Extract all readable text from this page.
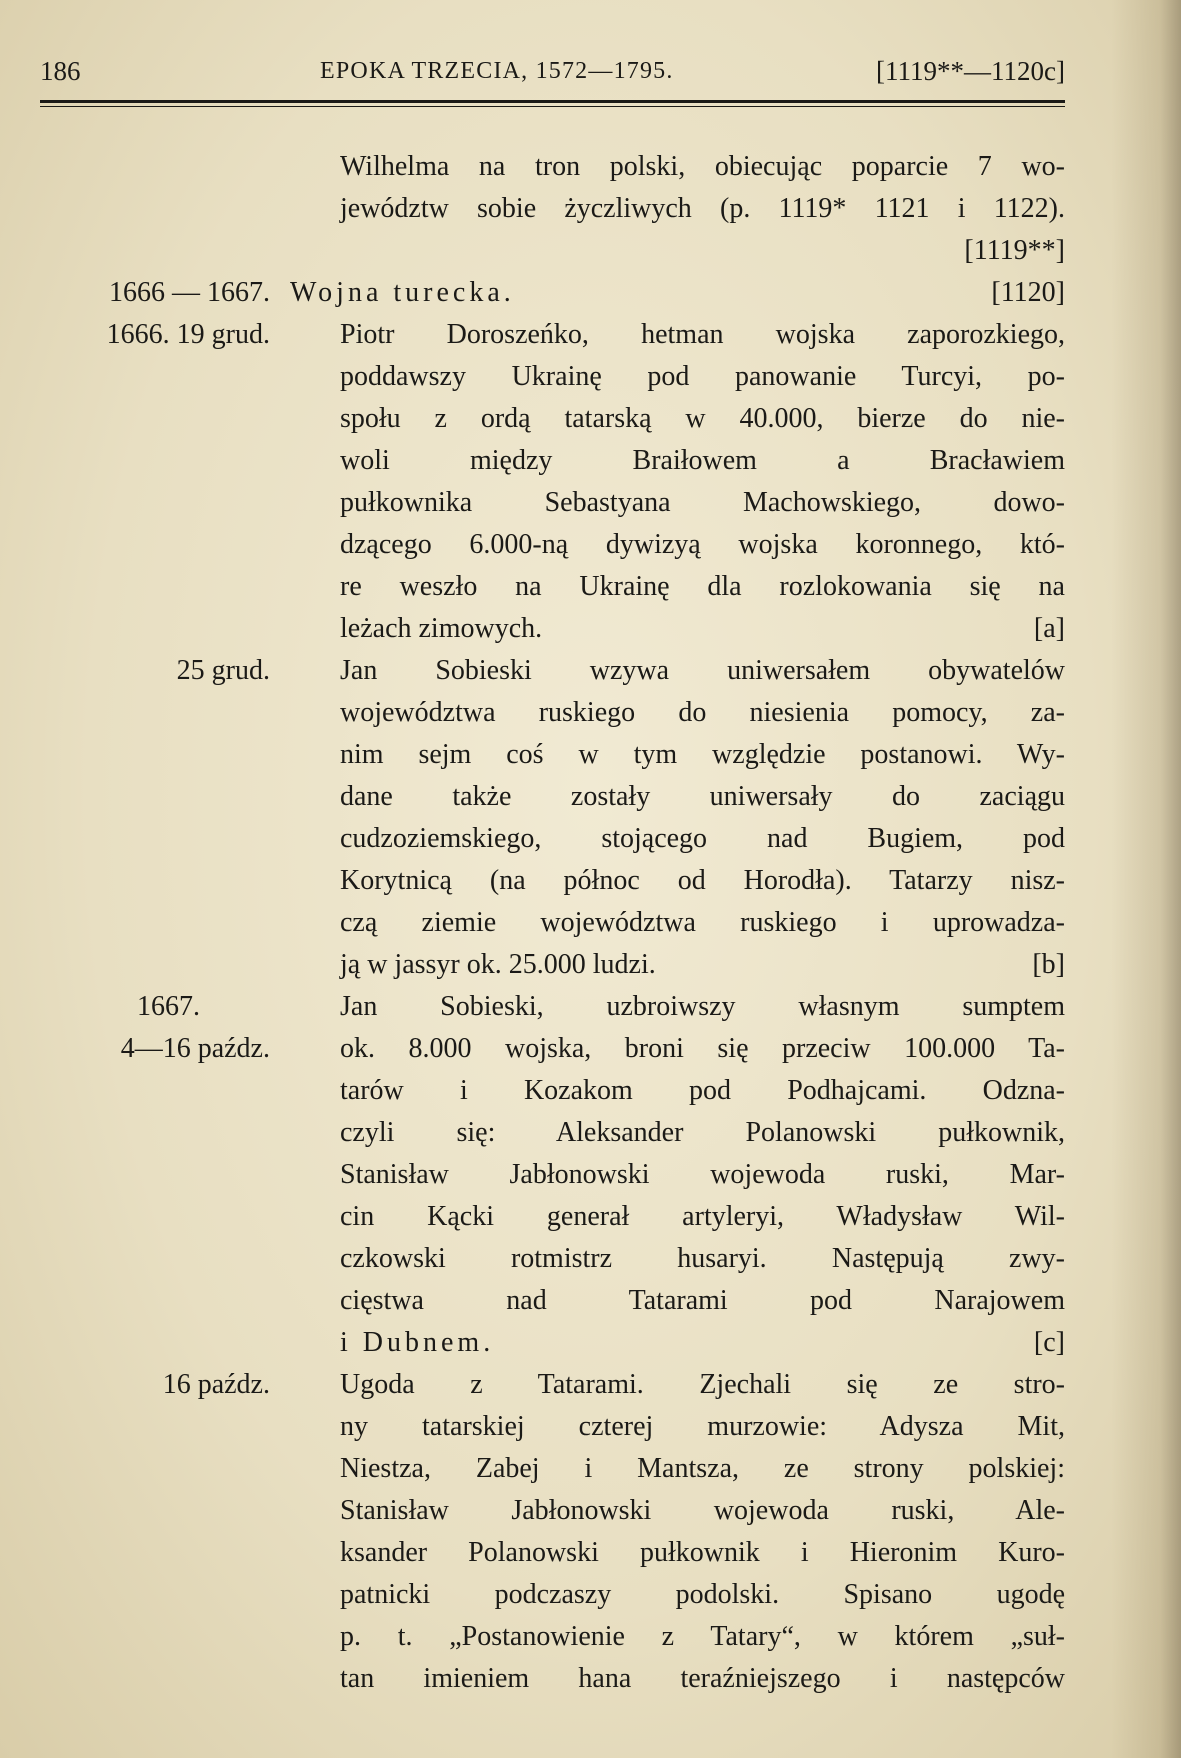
186	EPOKA TRZECIA, 1572—1795.	[1119**—1120c]
Wilhelma na tron polski, obiecując poparcie 7 wo-
jewództw sobie życzliwych (p. 1119* 1121 i 1122).
[1119**]
1666 — 1667. Wojna turecka.	[1120]
1666. 19 grud.	Piotr Doroszeńko, hetman wojska zaporozkiego,
poddawszy Ukrainę pod panowanie Turcyi, po-
społu z ordą tatarską w 40.000, bierze do nie-
woli między Braiłowem a Bracławiem
pułkownika Sebastyana Machowskiego, dowo-
dzącego 6.000-ną dywizyą wojska koronnego, któ-
re weszło na Ukrainę dla rozlokowania się na
leżach zimowych.	[a]
25 grud.	Jan Sobieski wzywa uniwersałem obywatelów
województwa ruskiego do niesienia pomocy, za-
nim sejm coś w tym względzie postanowi. Wy-
dane także zostały uniwersały do zaciągu
cudzoziemskiego, stojącego nad Bugiem, pod
Korytnicą (na północ od Horodła). Tatarzy nisz-
czą ziemie województwa ruskiego i uprowadza-
ją w jassyr ok. 25.000 ludzi.	[b]
1667.	Jan Sobieski, uzbroiwszy własnym sumptem
4—16 paźdz.	ok. 8.000 wojska, broni się przeciw 100.000 Ta-
tarów i Kozakom pod Podhajcami. Odzna-
czyli się: Aleksander Polanowski pułkownik,
Stanisław Jabłonowski wojewoda ruski, Mar-
cin Kącki generał artyleryi, Władysław Wil-
czkowski rotmistrz husaryi. Następują zwy-
cięstwa nad Tatarami pod Narajowem
i Dubnem.	[c]
16 paźdz.	Ugoda z Tatarami. Zjechali się ze stro-
ny tatarskiej czterej murzowie: Adysza Mit,
Niestza, Zabej i Mantsza, ze strony polskiej:
Stanisław Jabłonowski wojewoda ruski, Ale-
ksander Polanowski pułkownik i Hieronim Kuro-
patnicki podczaszy podolski. Spisano ugodę
p. t. „Postanowienie z Tatary“, w którem „suł-
tan imieniem hana teraźniejszego i następców
